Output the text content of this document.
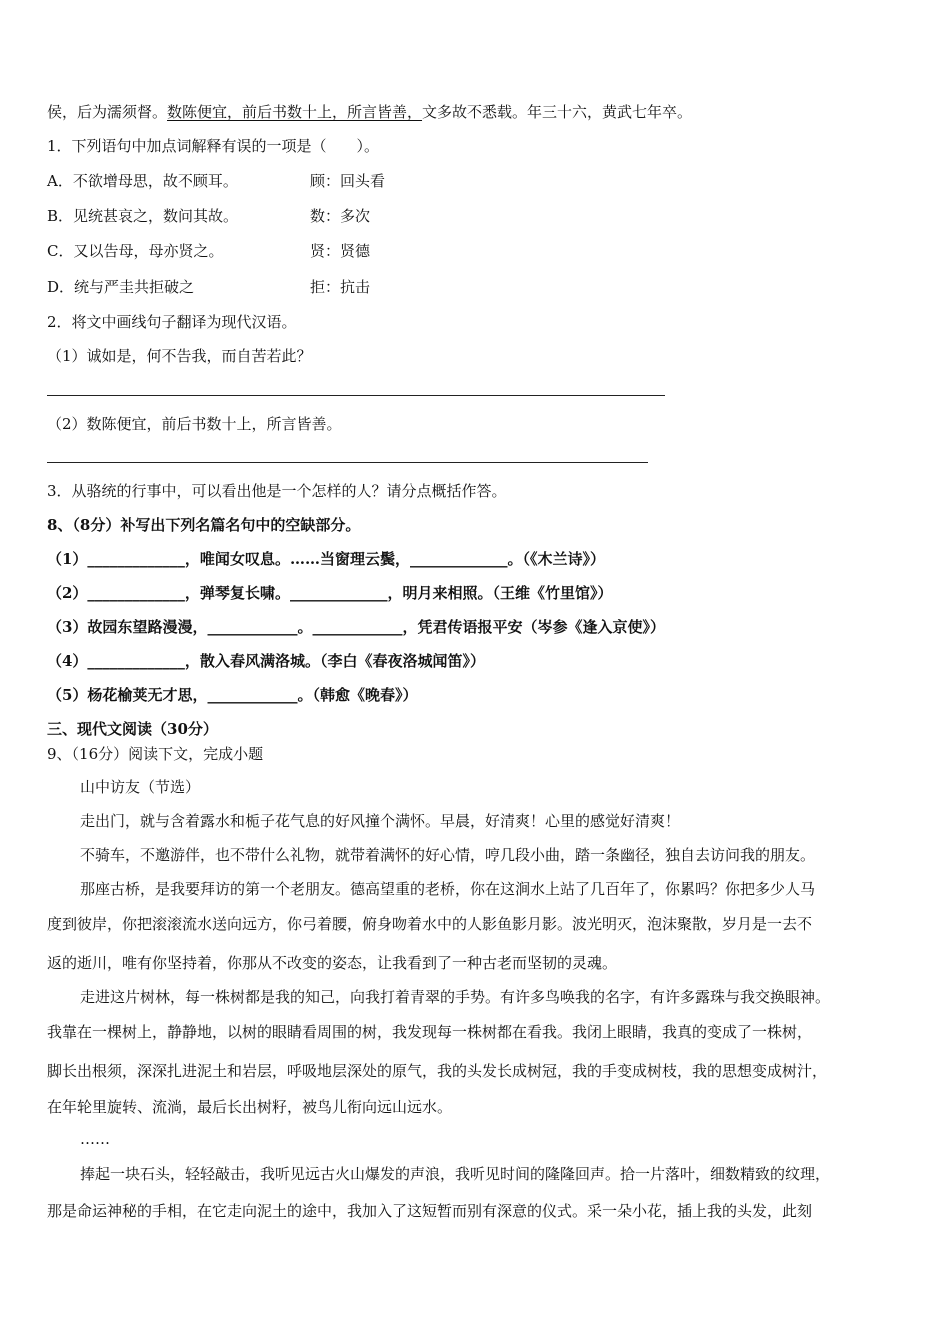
侯，后为濡须督。数陈便宜，前后书数十上，所言皆善，文多故不悉载。年三十六，黄武七年卒。
1．下列语句中加点词解释有误的一项是（　　）。
A．不欲增母思，故不顾耳。	顾：回头看
B．见统甚哀之，数问其故。	数：多次
C．又以告母，母亦贤之。	贤：贤德
D．统与严圭共拒破之	拒：抗击
2．将文中画线句子翻译为现代汉语。
（1）诚如是，何不告我，而自苦若此？
（2）数陈便宜，前后书数十上，所言皆善。
3．从骆统的行事中，可以看出他是一个怎样的人？请分点概括作答。
8、（8分）补写出下列名篇名句中的空缺部分。
（1）_____________，唯闻女叹息。……当窗理云鬓，_____________。（《木兰诗》）
（2）_____________，弹琴复长啸。_____________，明月来相照。（王维《竹里馆》）
（3）故园东望路漫漫，____________。____________，凭君传语报平安（岑参《逢入京使》）
（4）_____________，散入春风满洛城。（李白《春夜洛城闻笛》）
（5）杨花榆荚无才思，____________。（韩愈《晚春》）
三、现代文阅读（30分）
9、（16分）阅读下文，完成小题
山中访友（节选）
走出门，就与含着露水和栀子花气息的好风撞个满怀。早晨，好清爽！心里的感觉好清爽！
不骑车，不邀游伴，也不带什么礼物，就带着满怀的好心情，哼几段小曲，踏一条幽径，独自去访问我的朋友。
那座古桥，是我要拜访的第一个老朋友。德高望重的老桥，你在这涧水上站了几百年了，你累吗？你把多少人马
度到彼岸，你把滚滚流水送向远方，你弓着腰，俯身吻着水中的人影鱼影月影。波光明灭，泡沫聚散，岁月是一去不
返的逝川，唯有你坚持着，你那从不改变的姿态，让我看到了一种古老而坚韧的灵魂。
走进这片树林，每一株树都是我的知己，向我打着青翠的手势。有许多鸟唤我的名字，有许多露珠与我交换眼神。
我靠在一棵树上，静静地，以树的眼睛看周围的树，我发现每一株树都在看我。我闭上眼睛，我真的变成了一株树，
脚长出根须，深深扎进泥土和岩层，呼吸地层深处的原气，我的头发长成树冠，我的手变成树枝，我的思想变成树汁，
在年轮里旋转、流淌，最后长出树籽，被鸟儿衔向远山远水。
……
捧起一块石头，轻轻敲击，我听见远古火山爆发的声浪，我听见时间的隆隆回声。拾一片落叶，细数精致的纹理，
那是命运神秘的手相，在它走向泥土的途中，我加入了这短暂而别有深意的仪式。采一朵小花，插上我的头发，此刻
